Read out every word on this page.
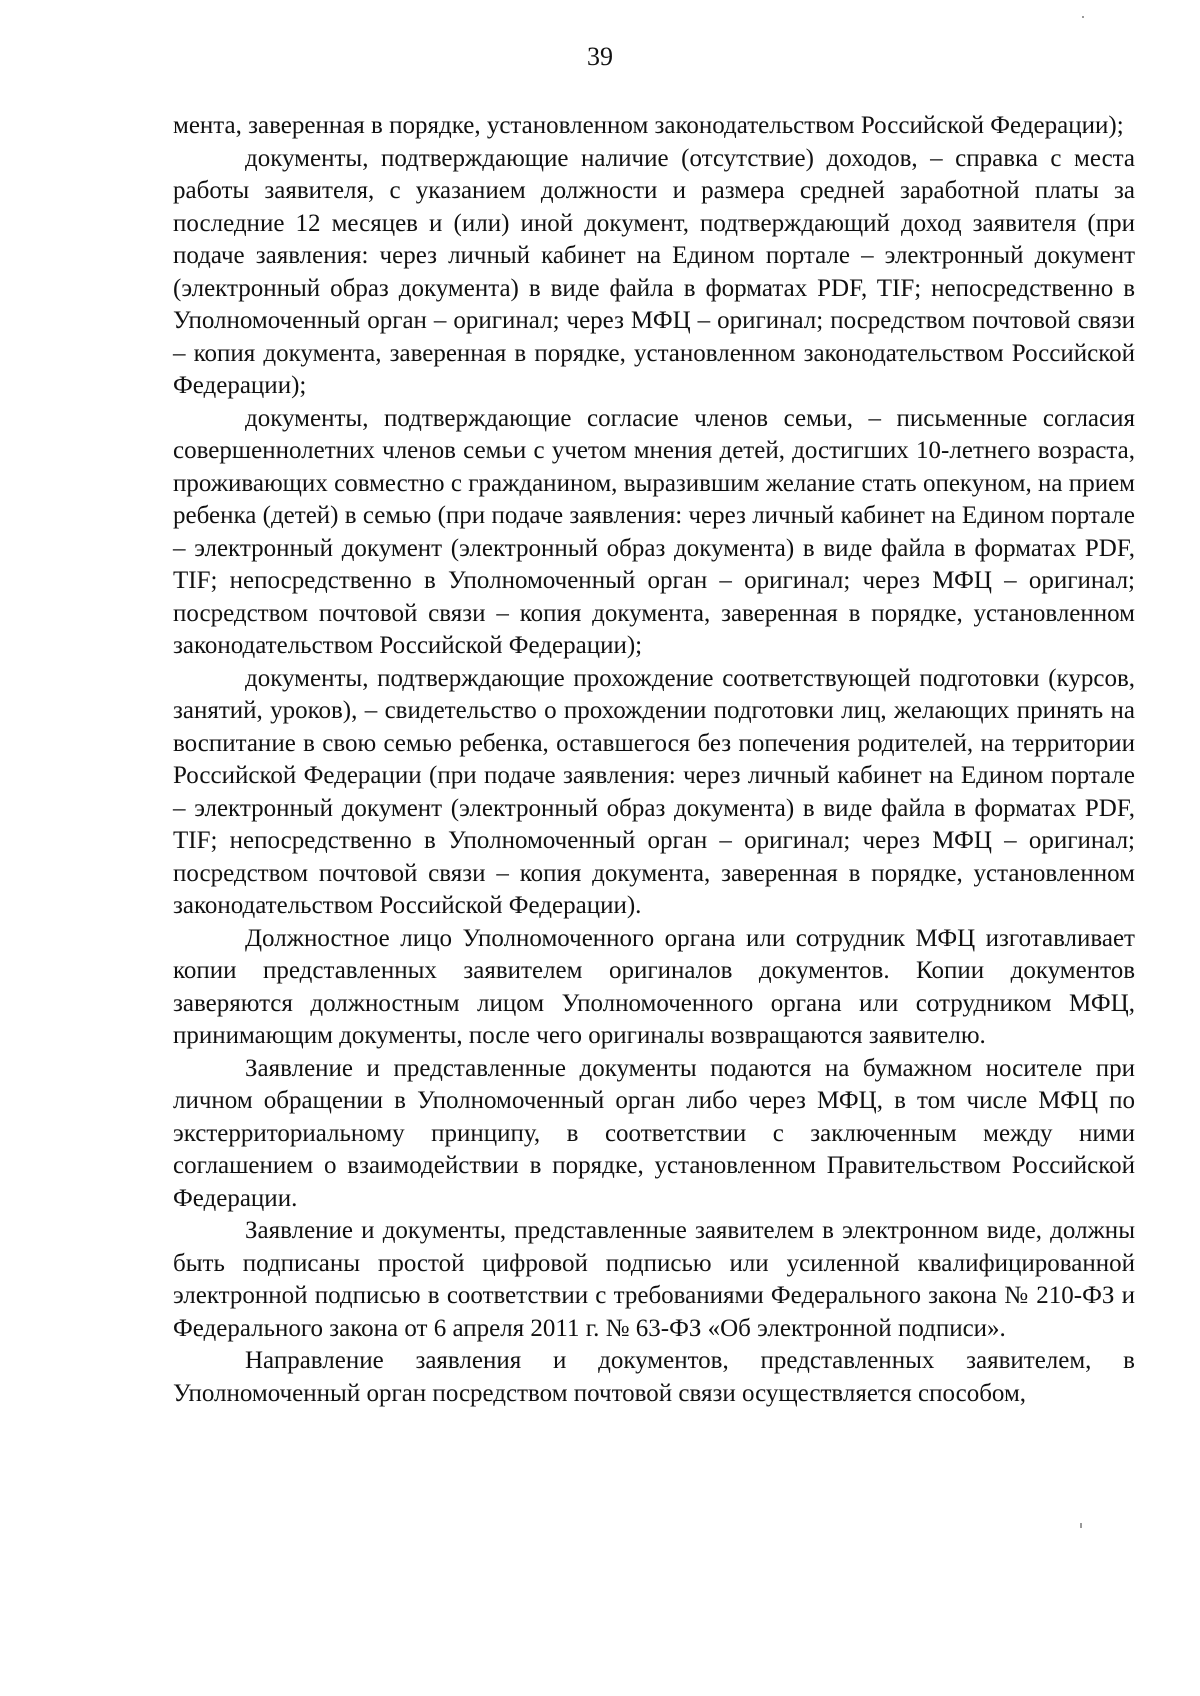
39

мента, заверенная в порядке, установленном законодательством Российской Федерации);

документы, подтверждающие наличие (отсутствие) доходов, – справка с места работы заявителя, с указанием должности и размера средней заработной платы за последние 12 месяцев и (или) иной документ, подтверждающий доход заявителя (при подаче заявления: через личный кабинет на Едином портале – электронный документ (электронный образ документа) в виде файла в форматах PDF, TIF; непосредственно в Уполномоченный орган – оригинал; через МФЦ – оригинал; посредством почтовой связи – копия документа, заверенная в порядке, установленном законодательством Российской Федерации);

документы, подтверждающие согласие членов семьи, – письменные согласия совершеннолетних членов семьи с учетом мнения детей, достигших 10-летнего возраста, проживающих совместно с гражданином, выразившим желание стать опекуном, на прием ребенка (детей) в семью (при подаче заявления: через личный кабинет на Едином портале – электронный документ (электронный образ документа) в виде файла в форматах PDF, TIF; непосредственно в Уполномоченный орган – оригинал; через МФЦ – оригинал; посредством почтовой связи – копия документа, заверенная в порядке, установленном законодательством Российской Федерации);

документы, подтверждающие прохождение соответствующей подготовки (курсов, занятий, уроков), – свидетельство о прохождении подготовки лиц, желающих принять на воспитание в свою семью ребенка, оставшегося без попечения родителей, на территории Российской Федерации (при подаче заявления: через личный кабинет на Едином портале – электронный документ (электронный образ документа) в виде файла в форматах PDF, TIF; непосредственно в Уполномоченный орган – оригинал; через МФЦ – оригинал; посредством почтовой связи – копия документа, заверенная в порядке, установленном законодательством Российской Федерации).

Должностное лицо Уполномоченного органа или сотрудник МФЦ изготавливает копии представленных заявителем оригиналов документов. Копии документов заверяются должностным лицом Уполномоченного органа или сотрудником МФЦ, принимающим документы, после чего оригиналы возвращаются заявителю.

Заявление и представленные документы подаются на бумажном носителе при личном обращении в Уполномоченный орган либо через МФЦ, в том числе МФЦ по экстерриториальному принципу, в соответствии с заключенным между ними соглашением о взаимодействии в порядке, установленном Правительством Российской Федерации.

Заявление и документы, представленные заявителем в электронном виде, должны быть подписаны простой цифровой подписью или усиленной квалифицированной электронной подписью в соответствии с требованиями Федерального закона № 210-ФЗ и Федерального закона от 6 апреля 2011 г. № 63-ФЗ «Об электронной подписи».

Направление заявления и документов, представленных заявителем, в Уполномоченный орган посредством почтовой связи осуществляется способом,
